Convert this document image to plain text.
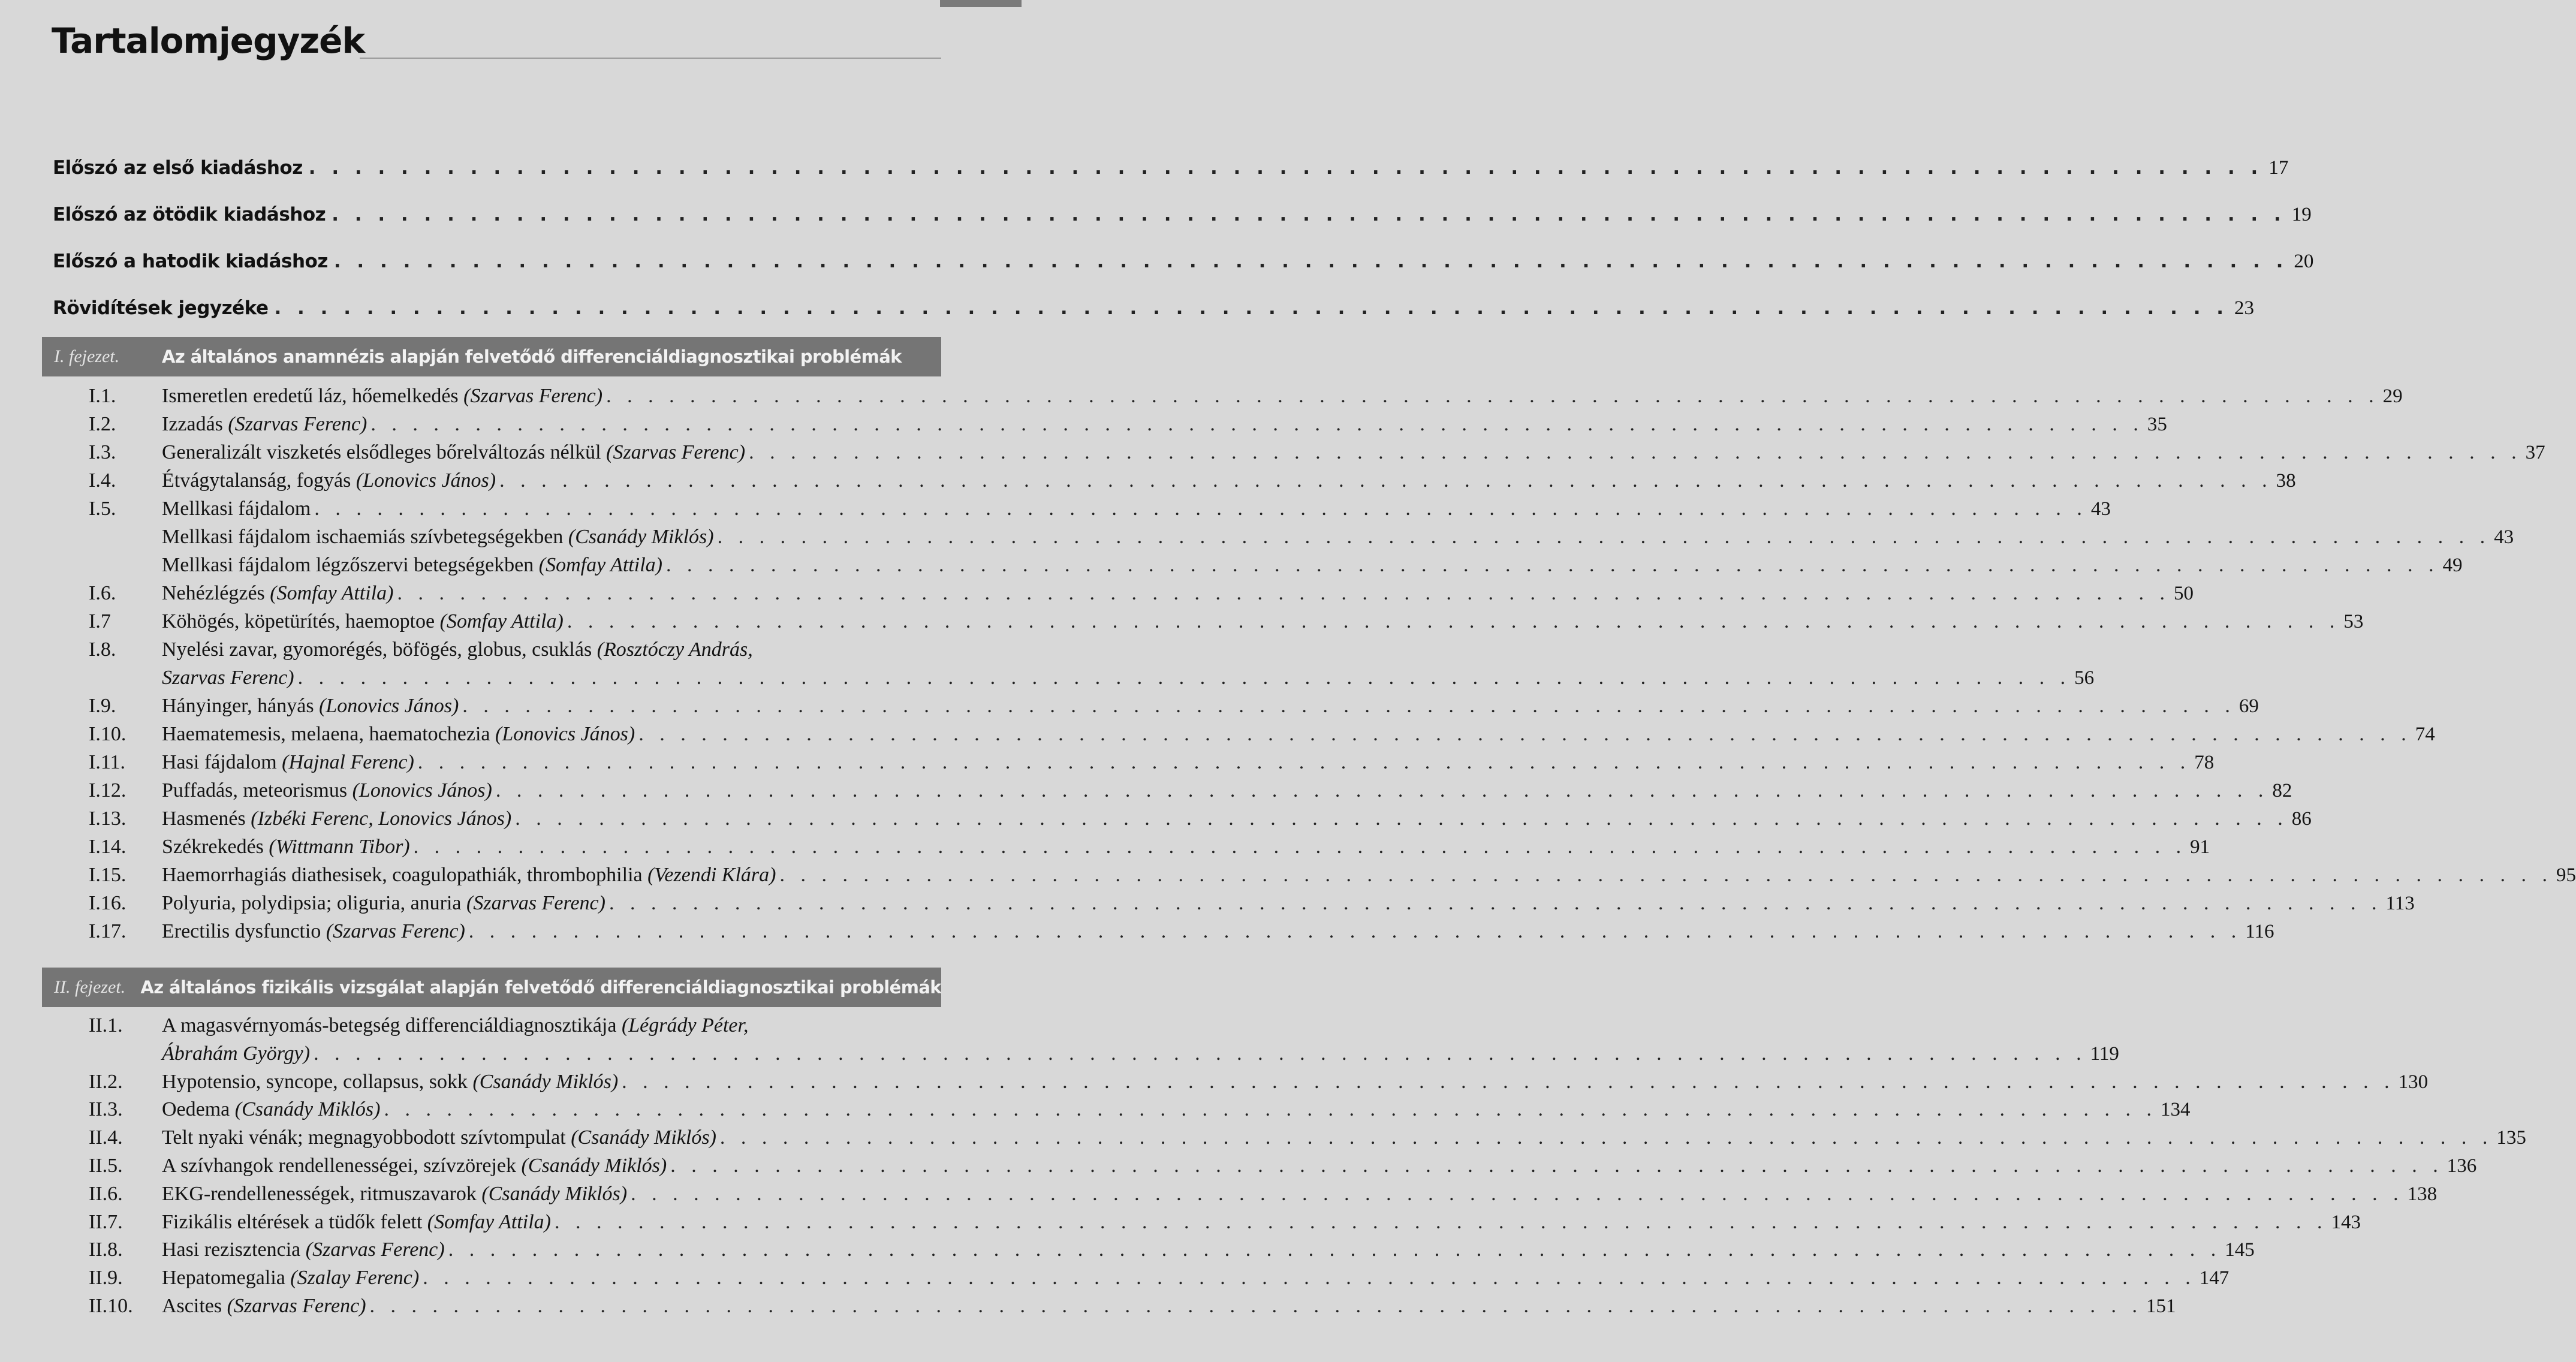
Tartalomjegyzék
Előszó az első kiadáshoz . . . . . . . . . . . . . . . . . . . . . . . . . . . . . . . . . . . . . . . . . . . . . . . . . . . . . . . . . . . . . . . . . . . . . . . . . . . . . . . . . . . . . 17
Előszó az ötödik kiadáshoz . . . . . . . . . . . . . . . . . . . . . . . . . . . . . . . . . . . . . . . . . . . . . . . . . . . . . . . . . . . . . . . . . . . . . . . . . . . . . . . . . . . . . 19
Előszó a hatodik kiadáshoz . . . . . . . . . . . . . . . . . . . . . . . . . . . . . . . . . . . . . . . . . . . . . . . . . . . . . . . . . . . . . . . . . . . . . . . . . . . . . . . . . . . . . 20
Rövidítések jegyzéke . . . . . . . . . . . . . . . . . . . . . . . . . . . . . . . . . . . . . . . . . . . . . . . . . . . . . . . . . . . . . . . . . . . . . . . . . . . . . . . . . . . . . 23
I. fejezet.	Az általános anamnézis alapján felvetődő differenciáldiagnosztikai problémák
I.1.	Ismeretlen eredetű láz, hőemelkedés (Szarvas Ferenc) . . . . . . . . . . . . . . . . . . . . . . . . . . . . . . . . . . . . . . . . . . . . . . . . . . . . . . . . . . . . . . . . . . . . . . . . . . . . . . . . . . . . . 29
I.2.	Izzadás (Szarvas Ferenc) . . . . . . . . . . . . . . . . . . . . . . . . . . . . . . . . . . . . . . . . . . . . . . . . . . . . . . . . . . . . . . . . . . . . . . . . . . . . . . . . . . . . . 35
I.3.	Generalizált viszketés elsődleges bőrelváltozás nélkül (Szarvas Ferenc) . . . . . . . . . . . . . . . . . . . . . . . . . . . . . . . . . . . . . . . . . . . . . . . . . . . . . . . . . . . . . . . . . . . . . . . . . . . . . . . . . . . . . 37
I.4.	Étvágytalanság, fogyás (Lonovics János) . . . . . . . . . . . . . . . . . . . . . . . . . . . . . . . . . . . . . . . . . . . . . . . . . . . . . . . . . . . . . . . . . . . . . . . . . . . . . . . . . . . . . 38
I.5.	Mellkasi fájdalom . . . . . . . . . . . . . . . . . . . . . . . . . . . . . . . . . . . . . . . . . . . . . . . . . . . . . . . . . . . . . . . . . . . . . . . . . . . . . . . . . . . . . 43
Mellkasi fájdalom ischaemiás szívbetegségekben (Csanády Miklós) . . . . . . . . . . . . . . . . . . . . . . . . . . . . . . . . . . . . . . . . . . . . . . . . . . . . . . . . . . . . . . . . . . . . . . . . . . . . . . . . . . . . . 43
Mellkasi fájdalom légzőszervi betegségekben (Somfay Attila) . . . . . . . . . . . . . . . . . . . . . . . . . . . . . . . . . . . . . . . . . . . . . . . . . . . . . . . . . . . . . . . . . . . . . . . . . . . . . . . . . . . . . 49
I.6.	Nehézlégzés (Somfay Attila) . . . . . . . . . . . . . . . . . . . . . . . . . . . . . . . . . . . . . . . . . . . . . . . . . . . . . . . . . . . . . . . . . . . . . . . . . . . . . . . . . . . . . 50
I.7	Köhögés, köpetürítés, haemoptoe (Somfay Attila) . . . . . . . . . . . . . . . . . . . . . . . . . . . . . . . . . . . . . . . . . . . . . . . . . . . . . . . . . . . . . . . . . . . . . . . . . . . . . . . . . . . . . 53
I.8.	Nyelési zavar, gyomorégés, böfögés, globus, csuklás (Rosztóczy András,
Szarvas Ferenc) . . . . . . . . . . . . . . . . . . . . . . . . . . . . . . . . . . . . . . . . . . . . . . . . . . . . . . . . . . . . . . . . . . . . . . . . . . . . . . . . . . . . . 56
I.9.	Hányinger, hányás (Lonovics János) . . . . . . . . . . . . . . . . . . . . . . . . . . . . . . . . . . . . . . . . . . . . . . . . . . . . . . . . . . . . . . . . . . . . . . . . . . . . . . . . . . . . . 69
I.10.	Haematemesis, melaena, haematochezia (Lonovics János) . . . . . . . . . . . . . . . . . . . . . . . . . . . . . . . . . . . . . . . . . . . . . . . . . . . . . . . . . . . . . . . . . . . . . . . . . . . . . . . . . . . . . 74
I.11.	Hasi fájdalom (Hajnal Ferenc) . . . . . . . . . . . . . . . . . . . . . . . . . . . . . . . . . . . . . . . . . . . . . . . . . . . . . . . . . . . . . . . . . . . . . . . . . . . . . . . . . . . . . 78
I.12.	Puffadás, meteorismus (Lonovics János) . . . . . . . . . . . . . . . . . . . . . . . . . . . . . . . . . . . . . . . . . . . . . . . . . . . . . . . . . . . . . . . . . . . . . . . . . . . . . . . . . . . . . 82
I.13.	Hasmenés (Izbéki Ferenc, Lonovics János) . . . . . . . . . . . . . . . . . . . . . . . . . . . . . . . . . . . . . . . . . . . . . . . . . . . . . . . . . . . . . . . . . . . . . . . . . . . . . . . . . . . . . 86
I.14.	Székrekedés (Wittmann Tibor) . . . . . . . . . . . . . . . . . . . . . . . . . . . . . . . . . . . . . . . . . . . . . . . . . . . . . . . . . . . . . . . . . . . . . . . . . . . . . . . . . . . . . 91
I.15.	Haemorrhagiás diathesisek, coagulopathiák, thrombophilia (Vezendi Klára) . . . . . . . . . . . . . . . . . . . . . . . . . . . . . . . . . . . . . . . . . . . . . . . . . . . . . . . . . . . . . . . . . . . . . . . . . . . . . . . . . . . . . 95
I.16.	Polyuria, polydipsia; oliguria, anuria (Szarvas Ferenc) . . . . . . . . . . . . . . . . . . . . . . . . . . . . . . . . . . . . . . . . . . . . . . . . . . . . . . . . . . . . . . . . . . . . . . . . . . . . . . . . . . . . . 113
I.17.	Erectilis dysfunctio (Szarvas Ferenc) . . . . . . . . . . . . . . . . . . . . . . . . . . . . . . . . . . . . . . . . . . . . . . . . . . . . . . . . . . . . . . . . . . . . . . . . . . . . . . . . . . . . . 116
II. fejezet. Az általános fizikális vizsgálat alapján felvetődő differenciáldiagnosztikai problémák
II.1.	A magasvérnyomás-betegség differenciáldiagnosztikája (Légrády Péter,
Ábrahám György) . . . . . . . . . . . . . . . . . . . . . . . . . . . . . . . . . . . . . . . . . . . . . . . . . . . . . . . . . . . . . . . . . . . . . . . . . . . . . . . . . . . . . 119
II.2.	Hypotensio, syncope, collapsus, sokk (Csanády Miklós) . . . . . . . . . . . . . . . . . . . . . . . . . . . . . . . . . . . . . . . . . . . . . . . . . . . . . . . . . . . . . . . . . . . . . . . . . . . . . . . . . . . . . 130
II.3.	Oedema (Csanády Miklós) . . . . . . . . . . . . . . . . . . . . . . . . . . . . . . . . . . . . . . . . . . . . . . . . . . . . . . . . . . . . . . . . . . . . . . . . . . . . . . . . . . . . . 134
II.4.	Telt nyaki vénák; megnagyobbodott szívtompulat (Csanády Miklós) . . . . . . . . . . . . . . . . . . . . . . . . . . . . . . . . . . . . . . . . . . . . . . . . . . . . . . . . . . . . . . . . . . . . . . . . . . . . . . . . . . . . . 135
II.5.	A szívhangok rendellenességei, szívzörejek (Csanády Miklós) . . . . . . . . . . . . . . . . . . . . . . . . . . . . . . . . . . . . . . . . . . . . . . . . . . . . . . . . . . . . . . . . . . . . . . . . . . . . . . . . . . . . . 136
II.6.	EKG-rendellenességek, ritmuszavarok (Csanády Miklós) . . . . . . . . . . . . . . . . . . . . . . . . . . . . . . . . . . . . . . . . . . . . . . . . . . . . . . . . . . . . . . . . . . . . . . . . . . . . . . . . . . . . . 138
II.7.	Fizikális eltérések a tüdők felett (Somfay Attila) . . . . . . . . . . . . . . . . . . . . . . . . . . . . . . . . . . . . . . . . . . . . . . . . . . . . . . . . . . . . . . . . . . . . . . . . . . . . . . . . . . . . . 143
II.8.	Hasi rezisztencia (Szarvas Ferenc) . . . . . . . . . . . . . . . . . . . . . . . . . . . . . . . . . . . . . . . . . . . . . . . . . . . . . . . . . . . . . . . . . . . . . . . . . . . . . . . . . . . . . 145
II.9.	Hepatomegalia (Szalay Ferenc) . . . . . . . . . . . . . . . . . . . . . . . . . . . . . . . . . . . . . . . . . . . . . . . . . . . . . . . . . . . . . . . . . . . . . . . . . . . . . . . . . . . . . 147
II.10.	Ascites (Szarvas Ferenc) . . . . . . . . . . . . . . . . . . . . . . . . . . . . . . . . . . . . . . . . . . . . . . . . . . . . . . . . . . . . . . . . . . . . . . . . . . . . . . . . . . . . . 151
